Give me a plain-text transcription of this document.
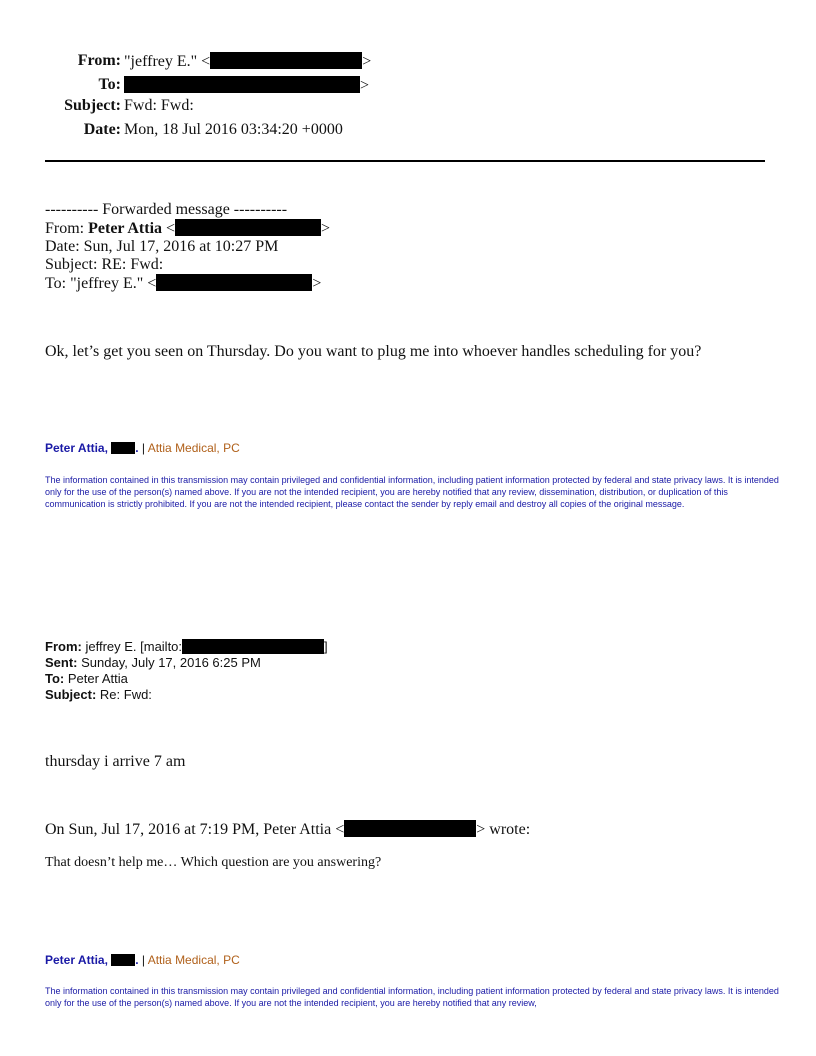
From: "jeffrey E." <	>
To:	>
Subject: Fwd: Fwd:
Date: Mon, 18 Jul 2016 03:34:20 +0000
---------- Forwarded message ----------
From: Peter Attia <	>
Date: Sun, Jul 17, 2016 at 10:27 PM
Subject: RE: Fwd:
To: "jeffrey E." <	>
Ok, let’s get you seen on Thursday. Do you want to plug me into whoever handles scheduling for you?
Peter Attia, . | Attia Medical, PC
The information contained in this transmission may contain privileged and confidential information, including patient information protected by federal and state privacy laws. It is intended only for the use of the person(s) named above. If you are not the intended recipient, you are hereby notified that any review, dissemination, distribution, or duplication of this communication is strictly prohibited. If you are not the intended recipient, please contact the sender by reply email and destroy all copies of the original message.
From: jeffrey E. [mailto:	]
Sent: Sunday, July 17, 2016 6:25 PM
To: Peter Attia
Subject: Re: Fwd:
thursday i arrive 7 am
On Sun, Jul 17, 2016 at 7:19 PM, Peter Attia <	> wrote:
That doesn’t help me… Which question are you answering?
Peter Attia, . | Attia Medical, PC
The information contained in this transmission may contain privileged and confidential information, including patient information protected by federal and state privacy laws. It is intended only for the use of the person(s) named above. If you are not the intended recipient, you are hereby notified that any review,
